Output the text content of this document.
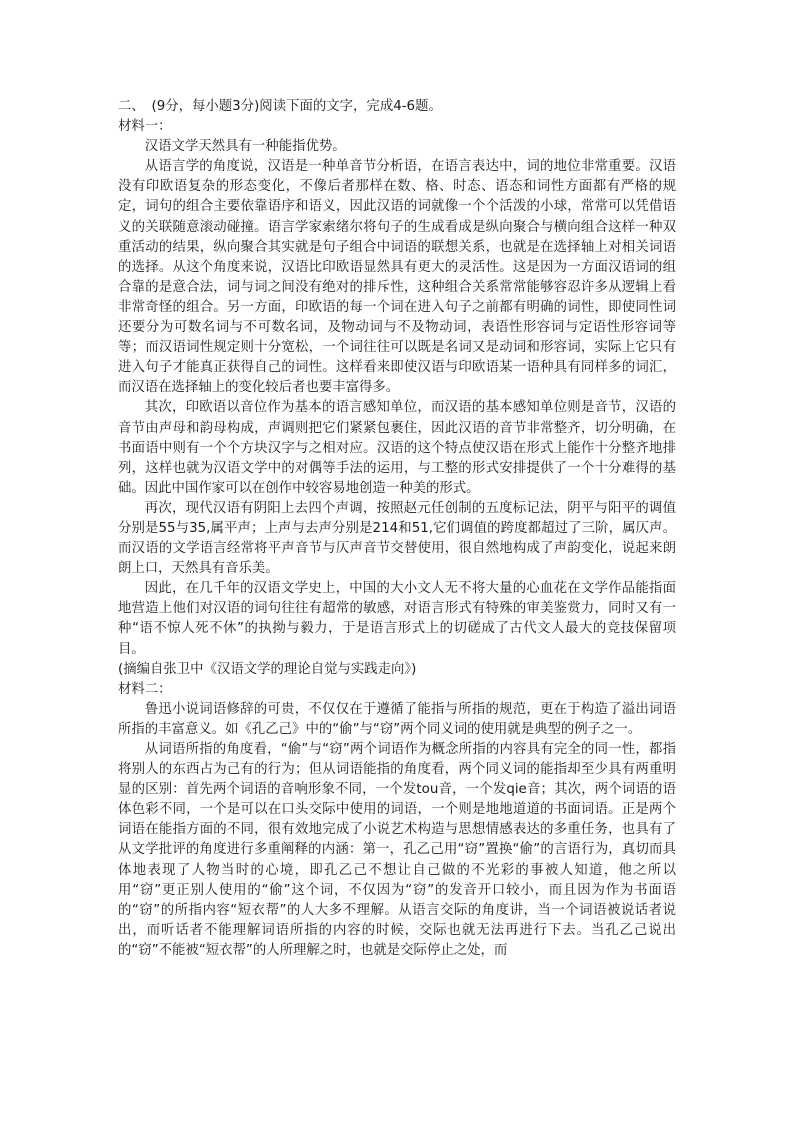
二、　(9分，每小题3分)阅读下面的文字，完成4-6题。

材料一：

汉语文学天然具有一种能指优势。

从语言学的角度说，汉语是一种单音节分析语，在语言表达中，词的地位非常重要。汉语没有印欧语复杂的形态变化，不像后者那样在数、格、时态、语态和词性方面都有严格的规定，词句的组合主要依靠语序和语义，因此汉语的词就像一个个活泼的小球，常常可以凭借语义的关联随意滚动碰撞。语言学家索绪尔将句子的生成看成是纵向聚合与横向组合这样一种双重活动的结果，纵向聚合其实就是句子组合中词语的联想关系，也就是在选择轴上对相关词语的选择。从这个角度来说，汉语比印欧语显然具有更大的灵活性。这是因为一方面汉语词的组合靠的是意合法，词与词之间没有绝对的排斥性，这种组合关系常常能够容忍许多从逻辑上看非常奇怪的组合。另一方面，印欧语的每一个词在进入句子之前都有明确的词性，即使同性词还要分为可数名词与不可数名词，及物动词与不及物动词，表语性形容词与定语性形容词等等；而汉语词性规定则十分宽松，一个词往往可以既是名词又是动词和形容词，实际上它只有进入句子才能真正获得自己的词性。这样看来即使汉语与印欧语某一语种具有同样多的词汇，而汉语在选择轴上的变化较后者也要丰富得多。

其次，印欧语以音位作为基本的语言感知单位，而汉语的基本感知单位则是音节，汉语的音节由声母和韵母构成，声调则把它们紧紧包裹住，因此汉语的音节非常整齐，切分明确，在书面语中则有一个个方块汉字与之相对应。汉语的这个特点使汉语在形式上能作十分整齐地排列，这样也就为汉语文学中的对偶等手法的运用，与工整的形式安排提供了一个十分难得的基础。因此中国作家可以在创作中较容易地创造一种美的形式。

再次，现代汉语有阴阳上去四个声调，按照赵元任创制的五度标记法，阴平与阳平的调值分别是55与35,属平声；上声与去声分别是214和51,它们调值的跨度都超过了三阶，属仄声。而汉语的文学语言经常将平声音节与仄声音节交替使用，很自然地构成了声韵变化，说起来朗朗上口，天然具有音乐美。

因此，在几千年的汉语文学史上，中国的大小文人无不将大量的心血花在文学作品能指面地营造上他们对汉语的词句往往有超常的敏感，对语言形式有特殊的审美鉴赏力，同时又有一种“语不惊人死不休”的执拗与毅力，于是语言形式上的切磋成了古代文人最大的竞技保留项目。

(摘编自张卫中《汉语文学的理论自觉与实践走向》)

材料二：

鲁迅小说词语修辞的可贵，不仅仅在于遵循了能指与所指的规范，更在于构造了溢出词语所指的丰富意义。如《孔乙己》中的“偷”与“窃”两个同义词的使用就是典型的例子之一。

从词语所指的角度看，“偷”与“窃”两个词语作为概念所指的内容具有完全的同一性，都指将别人的东西占为己有的行为；但从词语能指的角度看，两个同义词的能指却至少具有两重明显的区别：首先两个词语的音响形象不同，一个发tou音，一个发qie音；其次，两个词语的语体色彩不同，一个是可以在口头交际中使用的词语，一个则是地地道道的书面词语。正是两个词语在能指方面的不同，很有效地完成了小说艺术构造与思想情感表达的多重任务，也具有了从文学批评的角度进行多重阐释的内涵：第一，孔乙己用“窃”置换“偷”的言语行为，真切而具体地表现了人物当时的心境，即孔乙己不想让自己做的不光彩的事被人知道，他之所以用“窃”更正别人使用的“偷”这个词，不仅因为“窃”的发音开口较小，而且因为作为书面语的“窃”的所指内容“短衣帮”的人大多不理解。从语言交际的角度讲，当一个词语被说话者说出，而听话者不能理解词语所指的内容的时候，交际也就无法再进行下去。当孔乙己说出的“窃”不能被“短衣帮”的人所理解之时，也就是交际停止之处，而
